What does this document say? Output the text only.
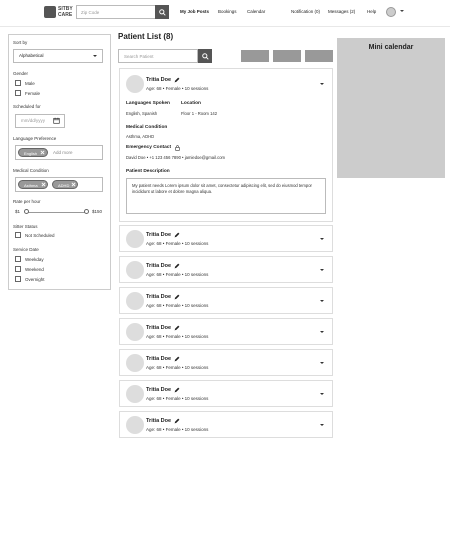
SITBY
CARE	Zip Code	My Job Posts Bookings Calendar	Notification (0) Messages (2)	Help
Sort by
Alphabetical
Gender
Male
Female
Scheduled for
mm/dd/yyyy
Language Preference
English	Add more
Medical Condition
Asthma	ADHD
Rate per hour
$1	$150
Sitter Status
Not Scheduled
Service Date
Weekday
Weekend
Overnight
Patient List (8)
Search Patient
Tritia Doe
Age: 68 • Female • 10 sessions
Languages Spoken
English, Spanish
Location
Floor 1 - Room 142
Medical Condition
Asthma, ADHD
Emergency Contact
David Doe • +1 123 456 7890 • jamiedoe@gmail.com
Patient Description
My patient needs Lorem ipsum dolor sit amet, consectetur adipiscing elit, sed do eiusmod tempor incididunt ut labore et dolore magna aliqua.
Tritia Doe
Age: 68 • Female • 10 sessions
Tritia Doe
Age: 68 • Female • 10 sessions
Tritia Doe
Age: 68 • Female • 10 sessions
Tritia Doe
Age: 68 • Female • 10 sessions
Tritia Doe
Age: 68 • Female • 10 sessions
Tritia Doe
Age: 68 • Female • 10 sessions
Tritia Doe
Age: 68 • Female • 10 sessions
Mini calendar
